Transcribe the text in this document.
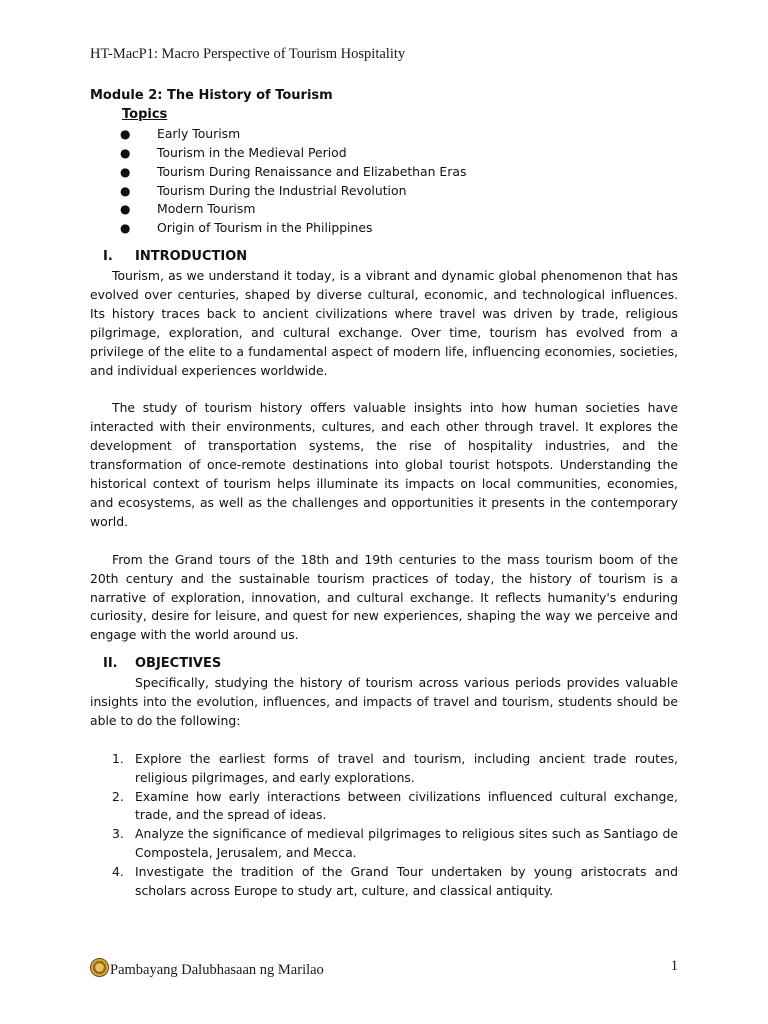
HT-MacP1: Macro Perspective of Tourism Hospitality
Module 2: The History of Tourism
Topics
● Early Tourism
● Tourism in the Medieval Period
● Tourism During Renaissance and Elizabethan Eras
● Tourism During the Industrial Revolution
● Modern Tourism
● Origin of Tourism in the Philippines
I. INTRODUCTION

Tourism, as we understand it today, is a vibrant and dynamic global phenomenon that has evolved over centuries, shaped by diverse cultural, economic, and technological influences. Its history traces back to ancient civilizations where travel was driven by trade, religious pilgrimage, exploration, and cultural exchange. Over time, tourism has evolved from a privilege of the elite to a fundamental aspect of modern life, influencing economies, societies, and individual experiences worldwide.

The study of tourism history offers valuable insights into how human societies have interacted with their environments, cultures, and each other through travel. It explores the development of transportation systems, the rise of hospitality industries, and the transformation of once-remote destinations into global tourist hotspots. Understanding the historical context of tourism helps illuminate its impacts on local communities, economies, and ecosystems, as well as the challenges and opportunities it presents in the contemporary world.

From the Grand tours of the 18th and 19th centuries to the mass tourism boom of the 20th century and the sustainable tourism practices of today, the history of tourism is a narrative of exploration, innovation, and cultural exchange. It reflects humanity's enduring curiosity, desire for leisure, and quest for new experiences, shaping the way we perceive and engage with the world around us.

II. OBJECTIVES

Specifically, studying the history of tourism across various periods provides valuable insights into the evolution, influences, and impacts of travel and tourism, students should be able to do the following:

1. Explore the earliest forms of travel and tourism, including ancient trade routes, religious pilgrimages, and early explorations.
2. Examine how early interactions between civilizations influenced cultural exchange, trade, and the spread of ideas.
3. Analyze the significance of medieval pilgrimages to religious sites such as Santiago de Compostela, Jerusalem, and Mecca.
4. Investigate the tradition of the Grand Tour undertaken by young aristocrats and scholars across Europe to study art, culture, and classical antiquity.
Pambayang Dalubhasaan ng Marilao	1
